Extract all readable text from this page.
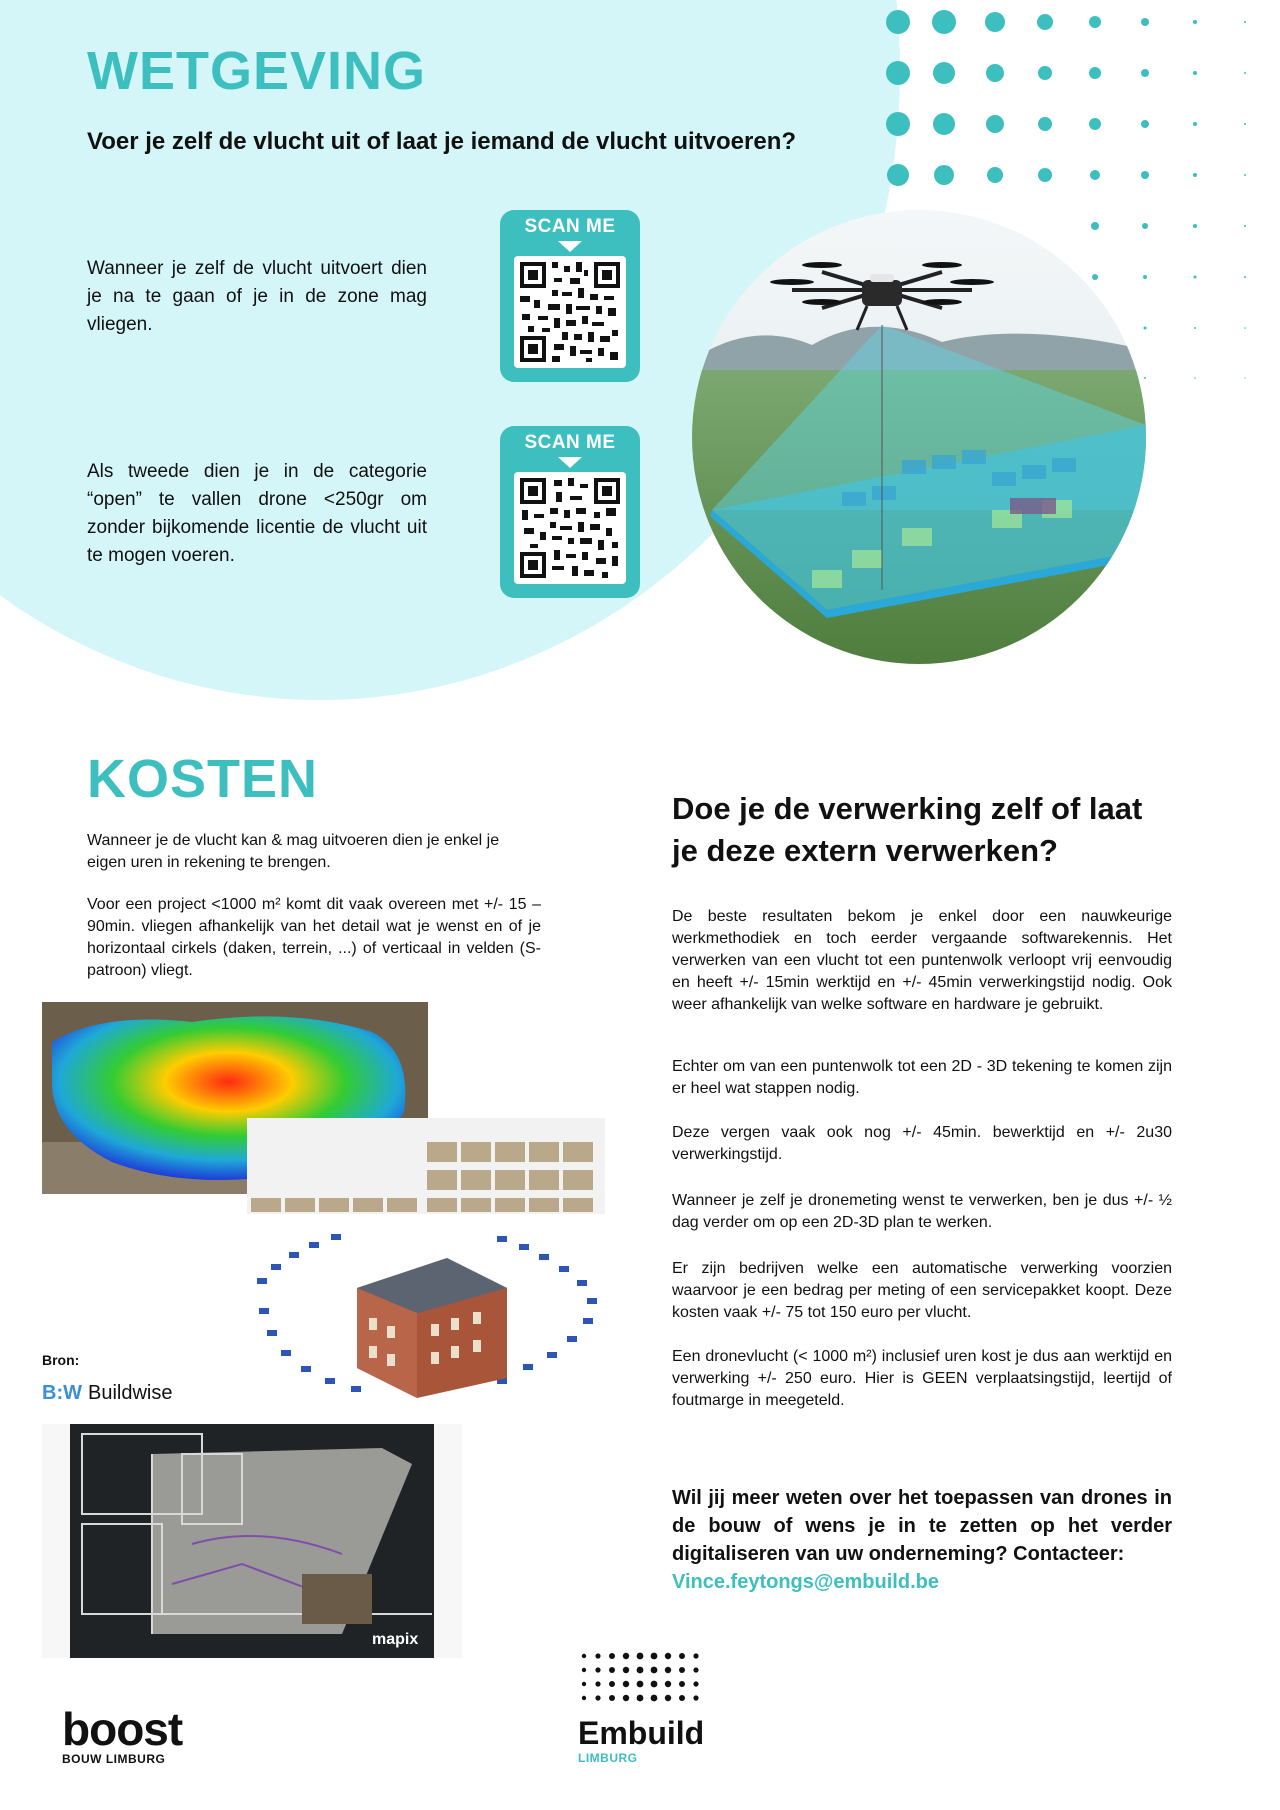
WETGEVING
Voer je zelf de vlucht uit of laat je iemand de vlucht uitvoeren?
Wanneer je zelf de vlucht uitvoert dien je na te gaan of je in de zone mag vliegen.
Als tweede dien je in de categorie “open” te vallen drone <250gr om zonder bijkomende licentie de vlucht uit te mogen voeren.
SCAN ME
SCAN ME
KOSTEN
Wanneer je de vlucht kan & mag uitvoeren dien je enkel je eigen uren in rekening te brengen.
Voor een project <1000 m² komt dit vaak overeen met +/- 15 – 90min. vliegen afhankelijk van het detail wat je wenst en of je horizontaal cirkels (daken, terrein, ...) of verticaal in velden (S-patroon) vliegt.
Bron:
B:W Buildwise
mapix
Doe je de verwerking zelf of laat je deze extern verwerken?
De beste resultaten bekom je enkel door een nauwkeurige werkmethodiek en toch eerder vergaande softwarekennis. Het verwerken van een vlucht tot een puntenwolk verloopt vrij eenvoudig en heeft +/- 15min werktijd en +/- 45min verwerkingstijd nodig. Ook weer afhankelijk van welke software en hardware je gebruikt.
Echter om van een puntenwolk tot een 2D - 3D tekening te komen zijn er heel wat stappen nodig.
Deze vergen vaak ook nog +/- 45min. bewerktijd en +/- 2u30 verwerkingstijd.
Wanneer je zelf je dronemeting wenst te verwerken, ben je dus +/- ½ dag verder om op een 2D-3D plan te werken.
Er zijn bedrijven welke een automatische verwerking voorzien waarvoor je een bedrag per meting of een servicepakket koopt. Deze kosten vaak +/- 75 tot 150 euro per vlucht.
Een dronevlucht (< 1000 m²) inclusief uren kost je dus aan werktijd en verwerking +/- 250 euro. Hier is GEEN verplaatsingstijd, leertijd of foutmarge in meegeteld.
Wil jij meer weten over het toepassen van drones in de bouw of wens je in te zetten op het verder digitaliseren van uw onderneming? Contacteer:
Vince.feytongs@embuild.be
boost
BOUW LIMBURG
Embuild
LIMBURG
